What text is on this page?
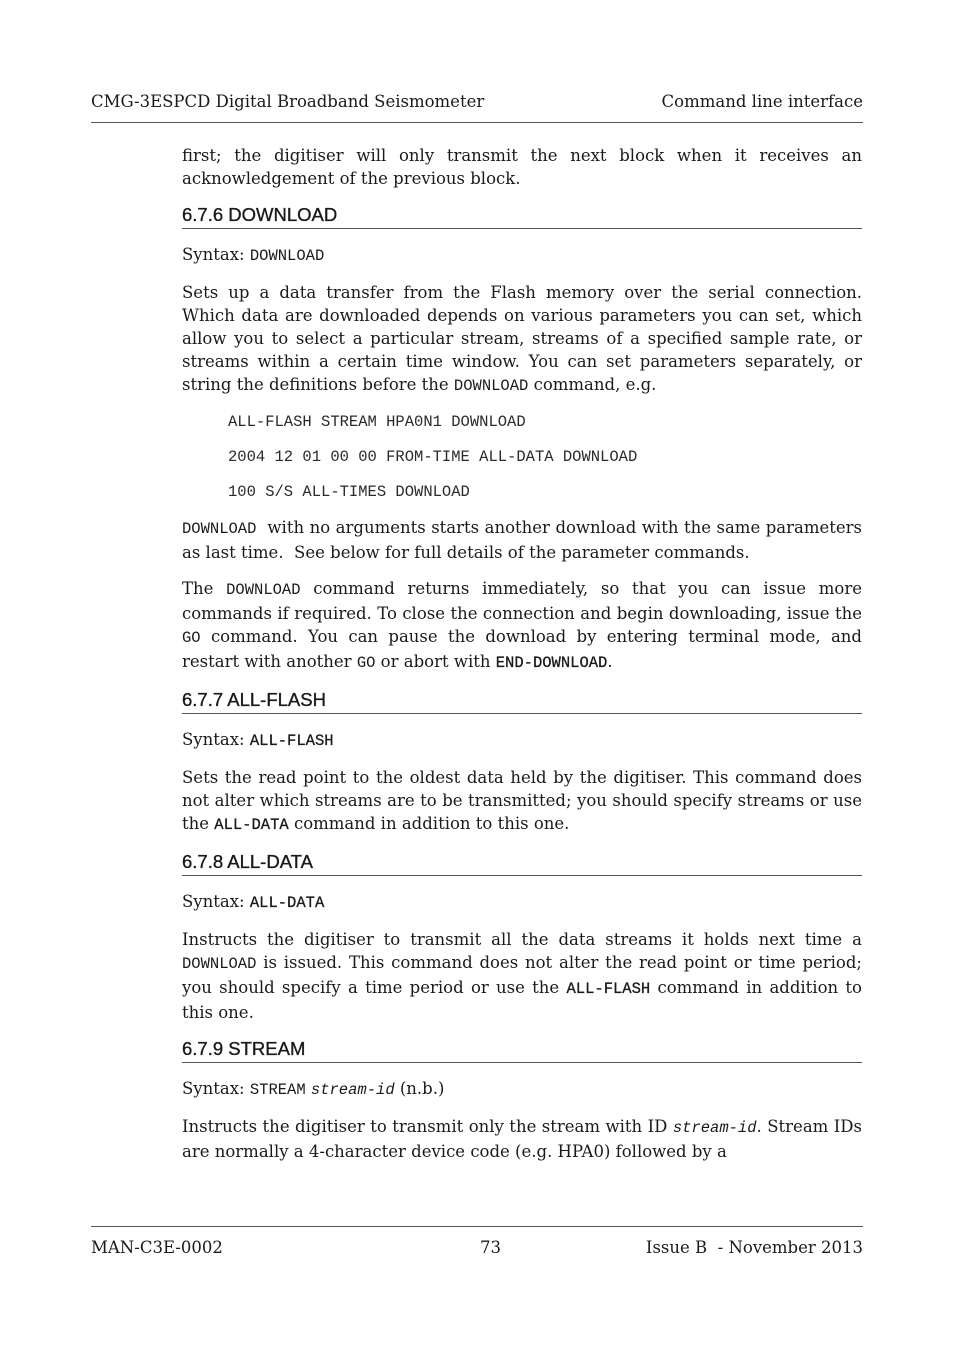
CMG-3ESPCD Digital Broadband Seismometer	Command line interface

first; the digitiser will only transmit the next block when it receives an acknowledgement of the previous block.

6.7.6 DOWNLOAD
Syntax: DOWNLOAD

Sets up a data transfer from the Flash memory over the serial connection. Which data are downloaded depends on various parameters you can set, which allow you to select a particular stream, streams of a specified sample rate, or streams within a certain time window. You can set parameters separately, or string the definitions before the DOWNLOAD command, e.g.

ALL-FLASH STREAM HPA0N1 DOWNLOAD
2004 12 01 00 00 FROM-TIME ALL-DATA DOWNLOAD
100 S/S ALL-TIMES DOWNLOAD

DOWNLOAD  with no arguments starts another download with the same parameters as last time.  See below for full details of the parameter commands.

The DOWNLOAD command returns immediately, so that you can issue more commands if required. To close the connection and begin downloading, issue the GO command. You can pause the download by entering terminal mode, and restart with another GO or abort with END-DOWNLOAD.

6.7.7 ALL-FLASH
Syntax: ALL-FLASH

Sets the read point to the oldest data held by the digitiser. This command does not alter which streams are to be transmitted; you should specify streams or use the ALL-DATA command in addition to this one.

6.7.8 ALL-DATA
Syntax: ALL-DATA

Instructs the digitiser to transmit all the data streams it holds next time a DOWNLOAD is issued. This command does not alter the read point or time period; you should specify a time period or use the ALL-FLASH command in addition to this one.

6.7.9 STREAM
Syntax: STREAM stream-id (n.b.)

Instructs the digitiser to transmit only the stream with ID stream-id. Stream IDs are normally a 4-character device code (e.g. HPA0) followed by a

MAN-C3E-0002	73	Issue B  - November 2013
